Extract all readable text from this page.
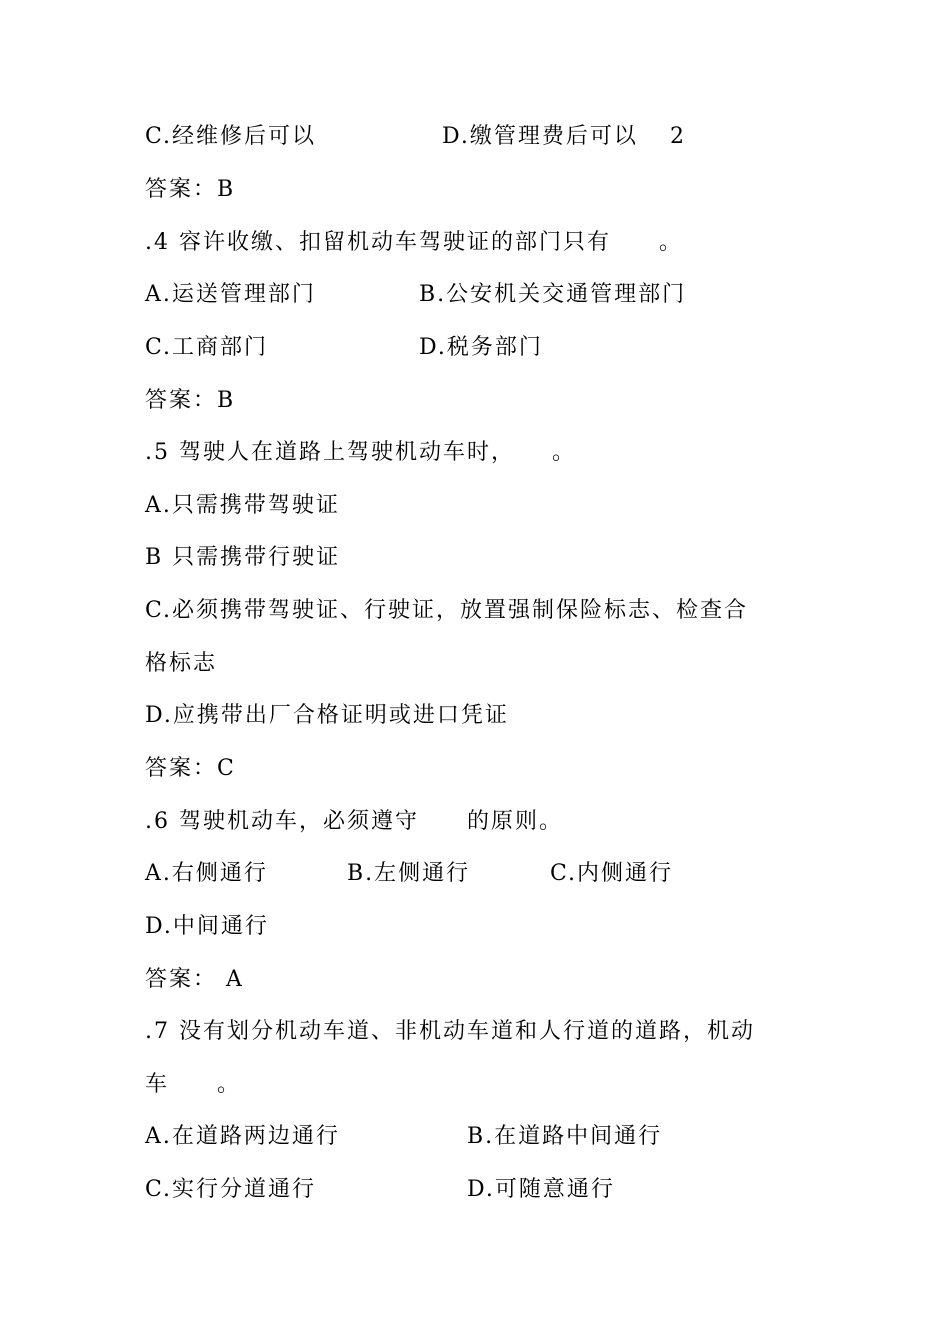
C.经维修后可以	D.缴管理费后可以 2
答案：B
.4 容许收缴、扣留机动车驾驶证的部门只有　　。
A.运送管理部门	B.公安机关交通管理部门
C.工商部门	D.税务部门
答案：B
.5 驾驶人在道路上驾驶机动车时，　　。
A.只需携带驾驶证
B 只需携带行驶证
C.必须携带驾驶证、行驶证，放置强制保险标志、检查合
格标志
D.应携带出厂合格证明或进口凭证
答案：C
.6 驾驶机动车，必须遵守　　的原则。
A.右侧通行	B.左侧通行	C.内侧通行
D.中间通行
答案： A
.7 没有划分机动车道、非机动车道和人行道的道路，机动
车　　。
A.在道路两边通行	B.在道路中间通行
C.实行分道通行	D.可随意通行
